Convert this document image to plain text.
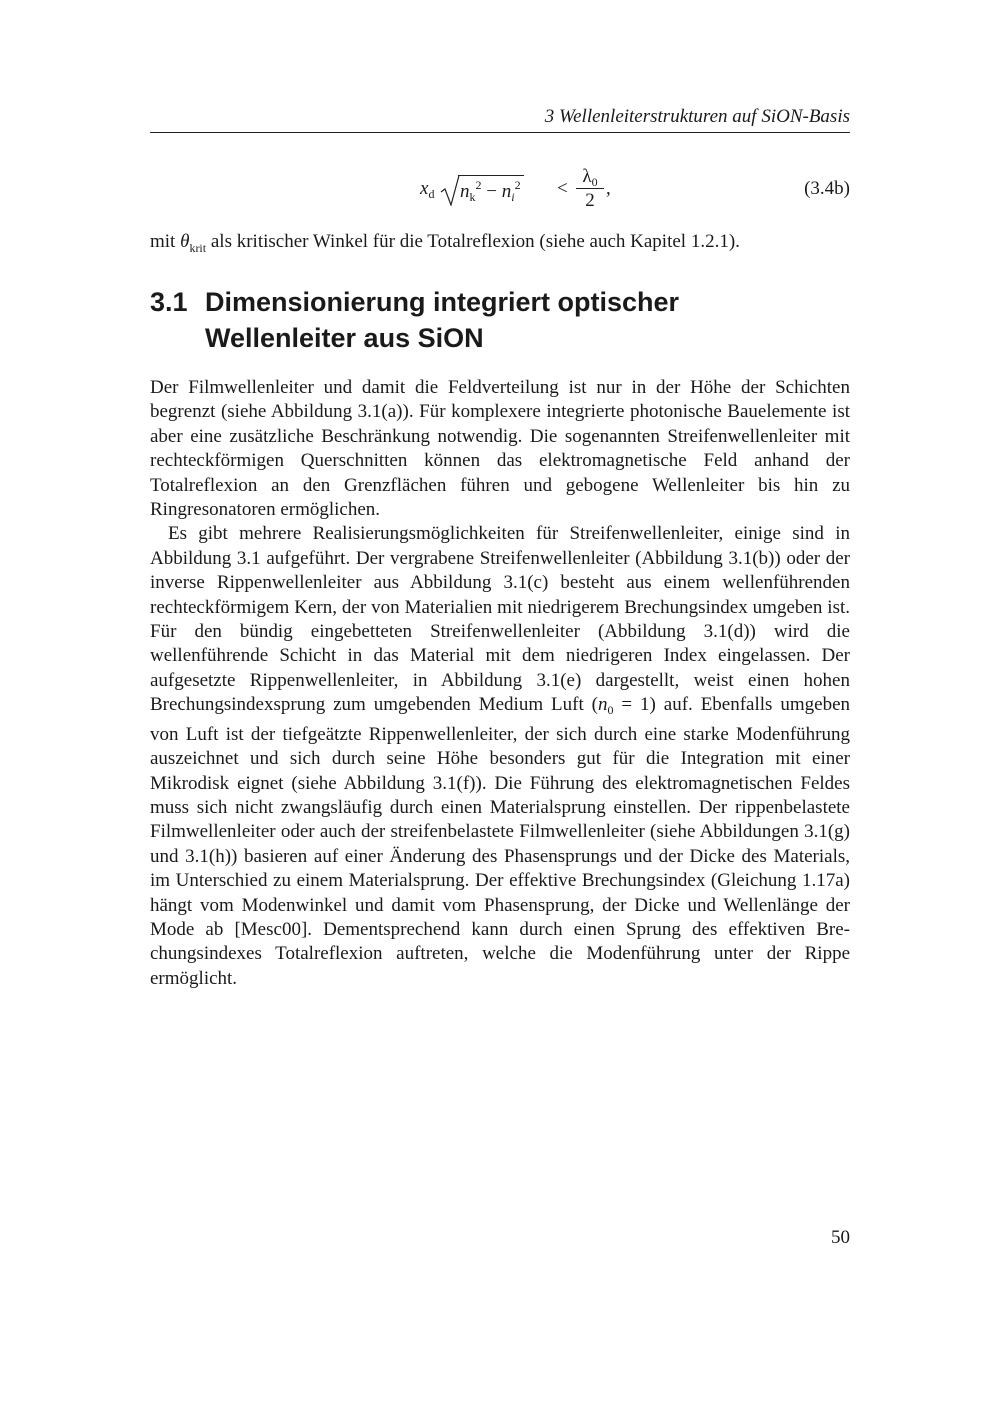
3 Wellenleiterstrukturen auf SiON-Basis
$x_d$ $n_k^2 - n_i^2$ <
$\lambda_0$
2
,	(3.4b)
mit $\theta_{krit}$ als kritischer Winkel für die Totalreflexion (siehe auch Kapitel 1.2.1).
3.1 Dimensionierung integriert optischer
Wellenleiter aus SiON

Der Filmwellenleiter und damit die Feldverteilung ist nur in der Höhe der Schichten begrenzt (siehe Abbildung 3.1(a)). Für komplexere integrierte photonische Bauelemente ist aber eine zusätzliche Beschränkung notwendig. Die sogenannten Streifenwellenleiter mit rechteckförmigen Querschnitten können das elektromagnetische Feld anhand der Totalreflexion an den Grenzflächen führen und gebogene Wellenleiter bis hin zu Ringresonatoren ermöglichen.

Es gibt mehrere Realisierungsmöglichkeiten für Streifenwellenleiter, einige sind in Abbildung 3.1 aufgeführt. Der vergrabene Streifenwellenleiter (Abbildung 3.1(b)) oder der inverse Rippenwellenleiter aus Abbildung 3.1(c) besteht aus einem wellenführenden rechteckförmigem Kern, der von Materialien mit niedrigerem Brechungsindex umgeben ist. Für den bündig eingebetteten Streifenwellenleiter (Abbildung 3.1(d)) wird die wellenführende Schicht in das Material mit dem niedrigeren Index eingelassen. Der aufgesetzte Rippenwellenleiter, in Abbildung 3.1(e) dargestellt, weist einen hohen Brechungsindexsprung zum umgebenden Medium Luft $(n_0 = 1)$ auf. Ebenfalls umgeben von Luft ist der tiefgeätzte Rippenwellenleiter, der sich durch eine starke Modenführung auszeichnet und sich durch seine Höhe besonders gut für die Integration mit einer Mikrodisk eignet (siehe Abbildung 3.1(f)). Die Führung des elektromagnetischen Feldes muss sich nicht zwangsläufig durch einen Materialsprung einstellen. Der rippenbelastete Filmwellenleiter oder auch der streifenbelastete Filmwellenleiter (siehe Abbildungen 3.1(g) und 3.1(h)) basieren auf einer Änderung des Phasensprungs und der Dicke des Materials, im Unterschied zu einem Materialsprung. Der effektive Brechungsindex (Gleichung 1.17a) hängt vom Modenwinkel und damit vom Phasensprung, der Dicke und Wellenlänge der Mode ab [Mesc00]. Dementsprechend kann durch einen Sprung des effektiven Brechungsindexes Totalreflexion auftreten, welche die Modenführung unter der Rippe ermöglicht.

50
